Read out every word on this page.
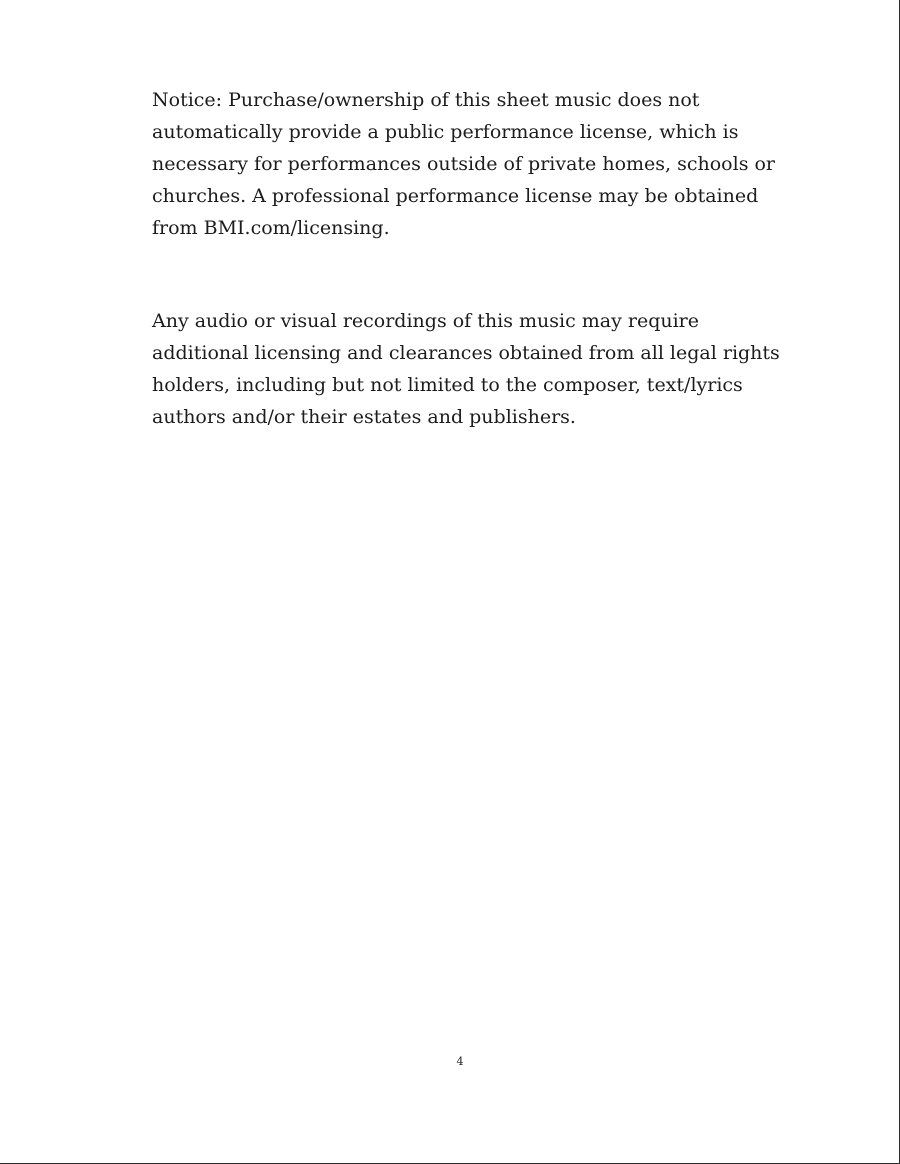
Notice: Purchase/ownership of this sheet music does not
automatically provide a public performance license, which is
necessary for performances outside of private homes, schools or
churches. A professional performance license may be obtained
from BMI.com/licensing.

Any audio or visual recordings of this music may require
additional licensing and clearances obtained from all legal rights
holders, including but not limited to the composer, text/lyrics
authors and/or their estates and publishers.

4
